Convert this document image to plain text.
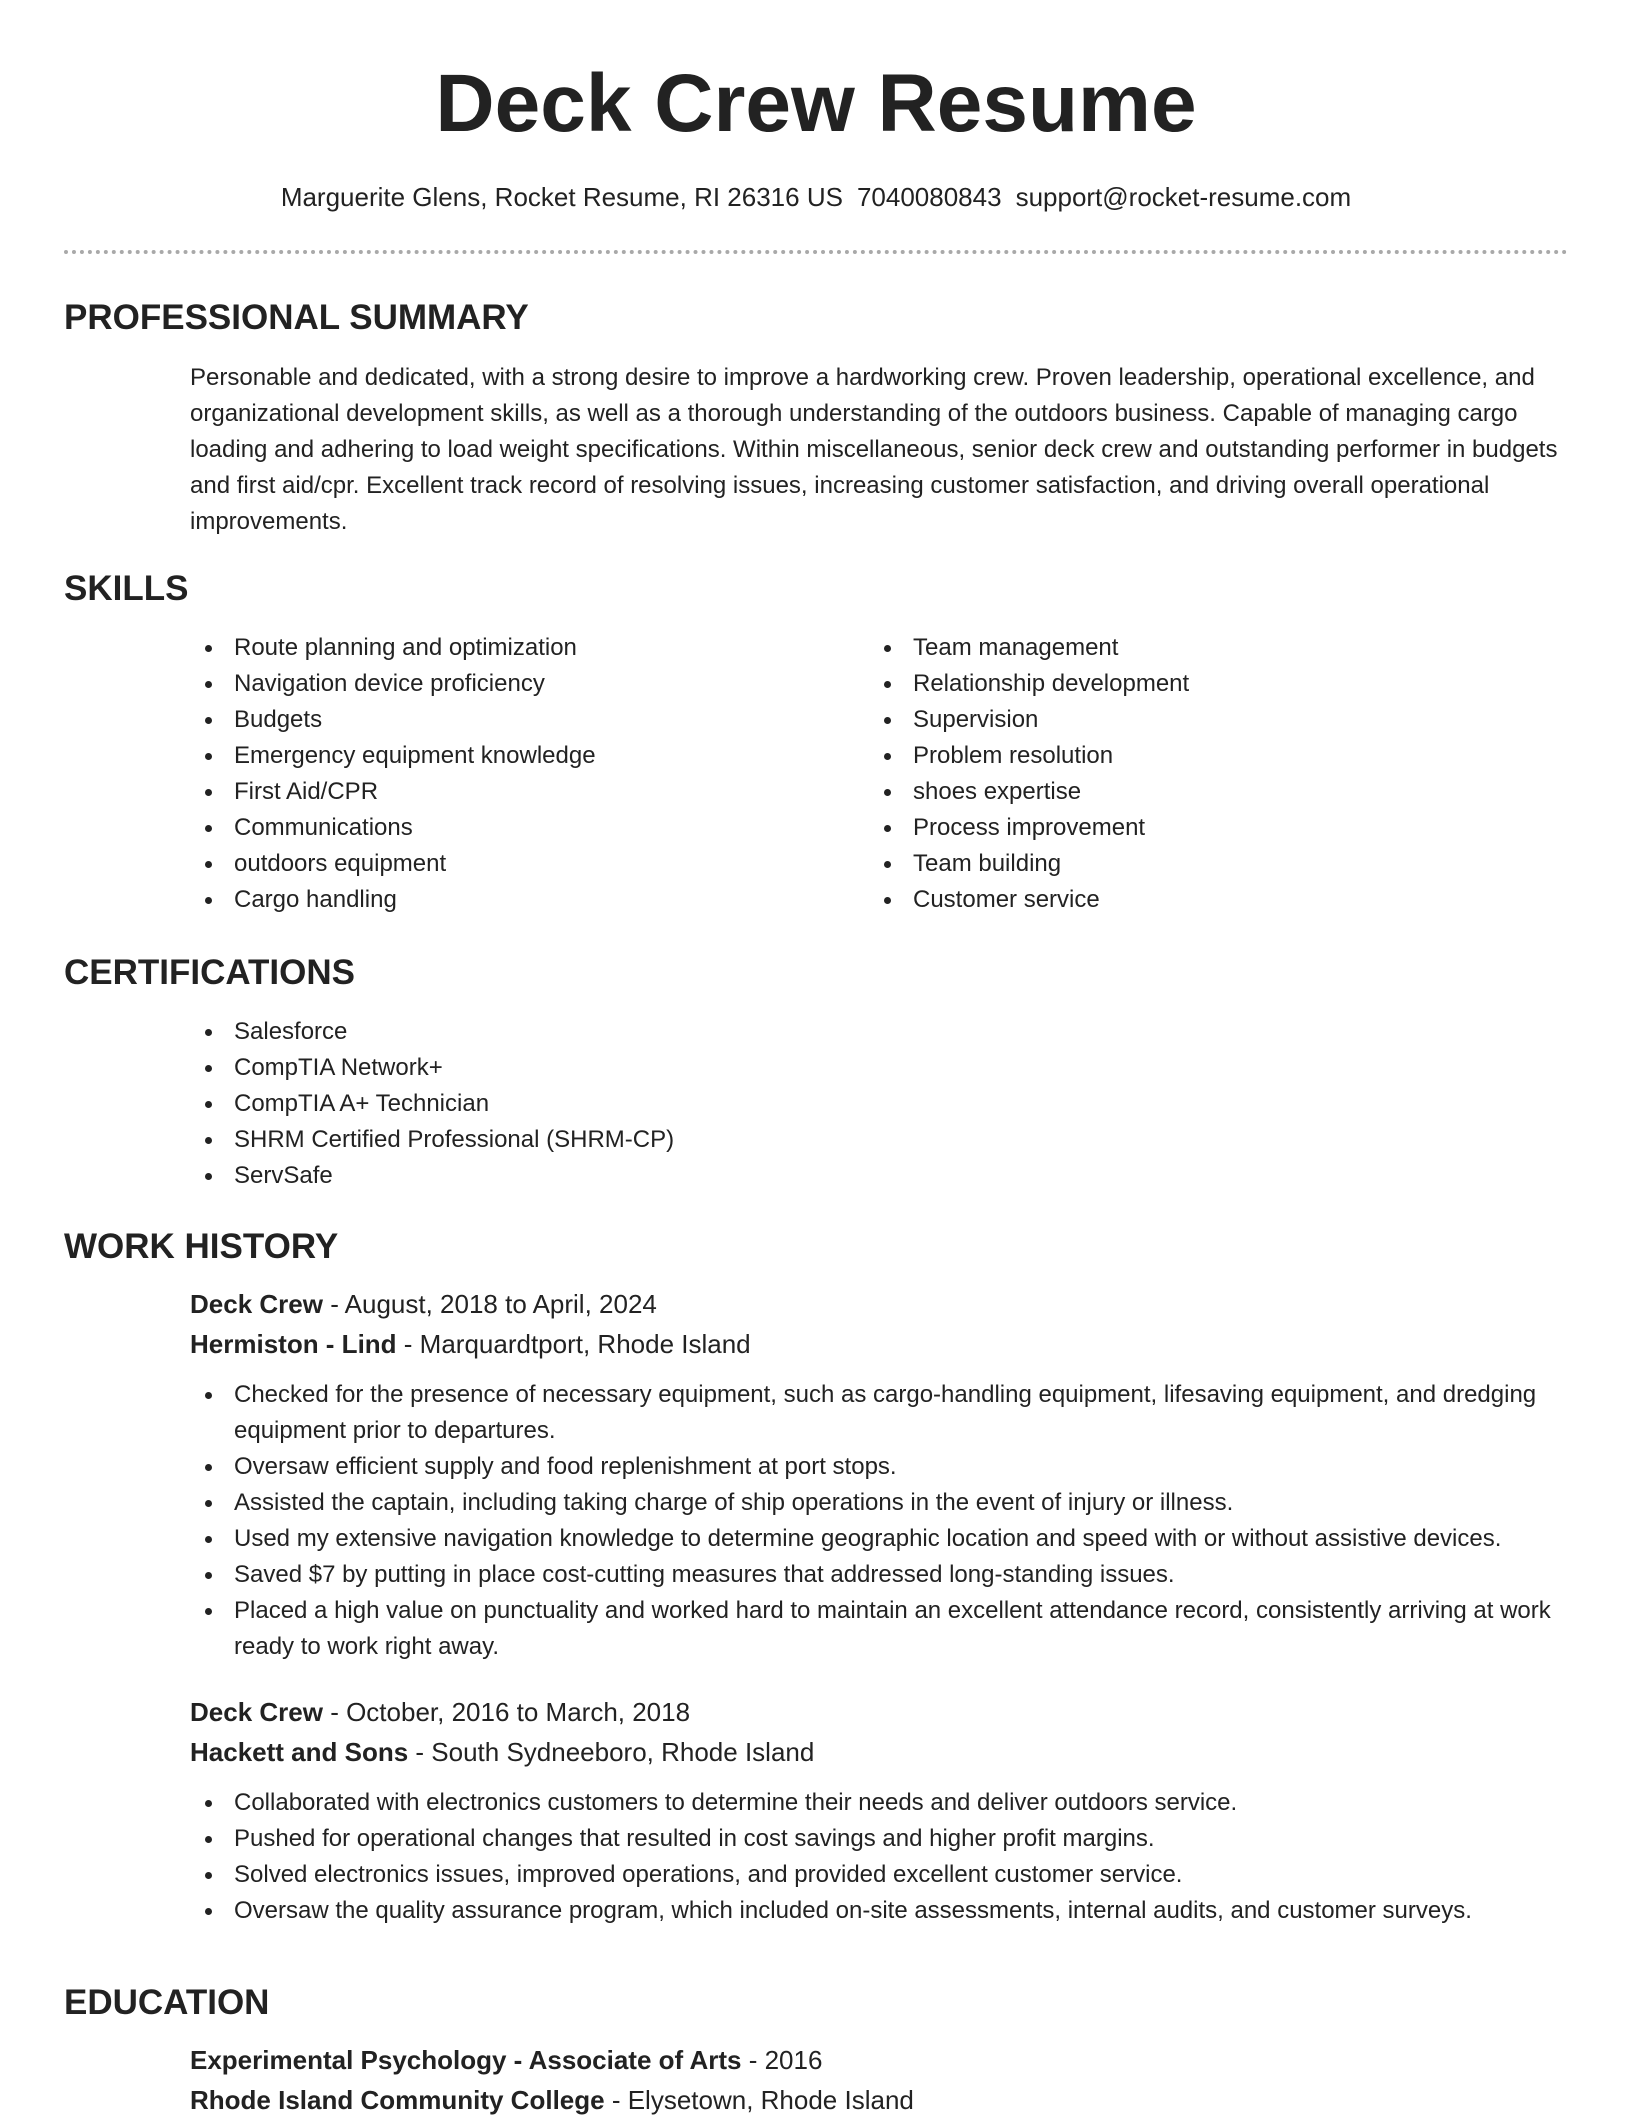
Deck Crew Resume
Marguerite Glens, Rocket Resume, RI 26316 US 7040080843 support@rocket-resume.com
PROFESSIONAL SUMMARY

Personable and dedicated, with a strong desire to improve a hardworking crew. Proven leadership, operational excellence, and organizational development skills, as well as a thorough understanding of the outdoors business. Capable of managing cargo loading and adhering to load weight specifications. Within miscellaneous, senior deck crew and outstanding performer in budgets and first aid/cpr. Excellent track record of resolving issues, increasing customer satisfaction, and driving overall operational improvements.

SKILLS
Route planning and optimization
Navigation device proficiency
Budgets
Emergency equipment knowledge
First Aid/CPR
Communications
outdoors equipment
Cargo handling
Team management
Relationship development
Supervision
Problem resolution
shoes expertise
Process improvement
Team building
Customer service
CERTIFICATIONS
Salesforce
CompTIA Network+
CompTIA A+ Technician
SHRM Certified Professional (SHRM-CP)
ServSafe
WORK HISTORY
Deck Crew - August, 2018 to April, 2024
Hermiston - Lind - Marquardtport, Rhode Island
Checked for the presence of necessary equipment, such as cargo-handling equipment, lifesaving equipment, and dredging equipment prior to departures.
Oversaw efficient supply and food replenishment at port stops.
Assisted the captain, including taking charge of ship operations in the event of injury or illness.
Used my extensive navigation knowledge to determine geographic location and speed with or without assistive devices.
Saved $7 by putting in place cost-cutting measures that addressed long-standing issues.
Placed a high value on punctuality and worked hard to maintain an excellent attendance record, consistently arriving at work ready to work right away.
Deck Crew - October, 2016 to March, 2018
Hackett and Sons - South Sydneeboro, Rhode Island
Collaborated with electronics customers to determine their needs and deliver outdoors service.
Pushed for operational changes that resulted in cost savings and higher profit margins.
Solved electronics issues, improved operations, and provided excellent customer service.
Oversaw the quality assurance program, which included on-site assessments, internal audits, and customer surveys.
EDUCATION
Experimental Psychology - Associate of Arts - 2016
Rhode Island Community College - Elysetown, Rhode Island
